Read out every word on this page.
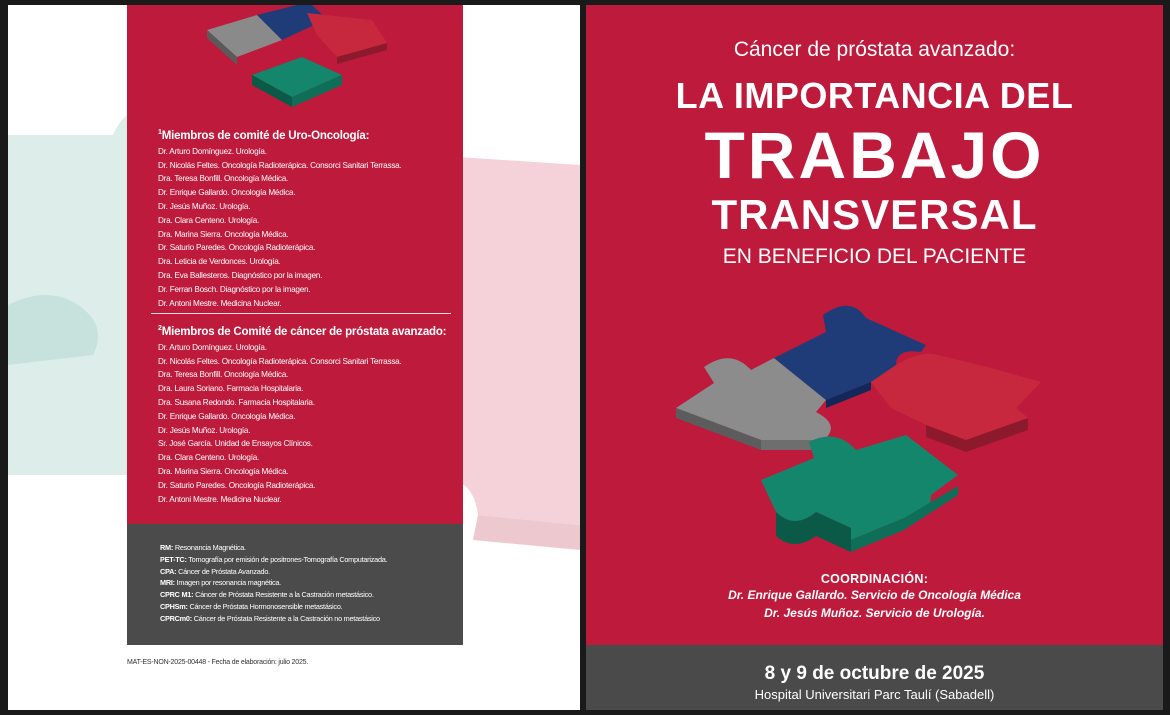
$^1$Miembros de comité de Uro-Oncología:
Dr. Arturo Domínguez. Urología.
Dr. Nicolás Feltes. Oncología Radioterápica. Consorci Sanitari Terrassa.
Dra. Teresa Bonfill. Oncología Médica.
Dr. Enrique Gallardo. Oncología Médica.
Dr. Jesús Muñoz. Urología.
Dra. Clara Centeno. Urología.
Dra. Marina Sierra. Oncología Médica.
Dr. Saturio Paredes. Oncología Radioterápica.
Dra. Leticia de Verdonces. Urología.
Dra. Eva Ballesteros. Diagnóstico por la imagen.
Dr. Ferran Bosch. Diagnóstico por la imagen.
Dr. Antoni Mestre. Medicina Nuclear.
$^2$Miembros de Comité de cáncer de próstata avanzado:
Dr. Arturo Domínguez. Urología.
Dr. Nicolás Feltes. Oncología Radioterápica. Consorci Sanitari Terrassa.
Dra. Teresa Bonfill. Oncología Médica.
Dra. Laura Soriano. Farmacia Hospitalaria.
Dra. Susana Redondo. Farmacia Hospitalaria.
Dr. Enrique Gallardo. Oncología Médica.
Dr. Jesús Muñoz. Urología.
Sr. José García. Unidad de Ensayos Clínicos.
Dra. Clara Centeno. Urología.
Dra. Marina Sierra. Oncología Médica.
Dr. Saturio Paredes. Oncología Radioterápica.
Dr. Antoni Mestre. Medicina Nuclear.
RM: Resonancia Magnética.
PET-TC: Tomografía por emisión de positrones-Tomografía Computarizada.
CPA: Cáncer de Próstata Avanzado.
MRI: Imagen por resonancia magnética.
CPRC M1: Cáncer de Próstata Resistente a la Castración metastásico.
CPHSm: Cáncer de Próstata Hormonosensible metastásico.
CPRCm0: Cáncer de Próstata Resistente a la Castración no metastásico
MAT-ES-NON-2025-00448 - Fecha de elaboración: julio 2025.
Cáncer de próstata avanzado:
LA IMPORTANCIA DEL
TRABAJO
TRANSVERSAL
EN BENEFICIO DEL PACIENTE
COORDINACIÓN:
Dr. Enrique Gallardo. Servicio de Oncología Médica
Dr. Jesús Muñoz. Servicio de Urología.
8 y 9 de octubre de 2025
Hospital Universitari Parc Taulí (Sabadell)
